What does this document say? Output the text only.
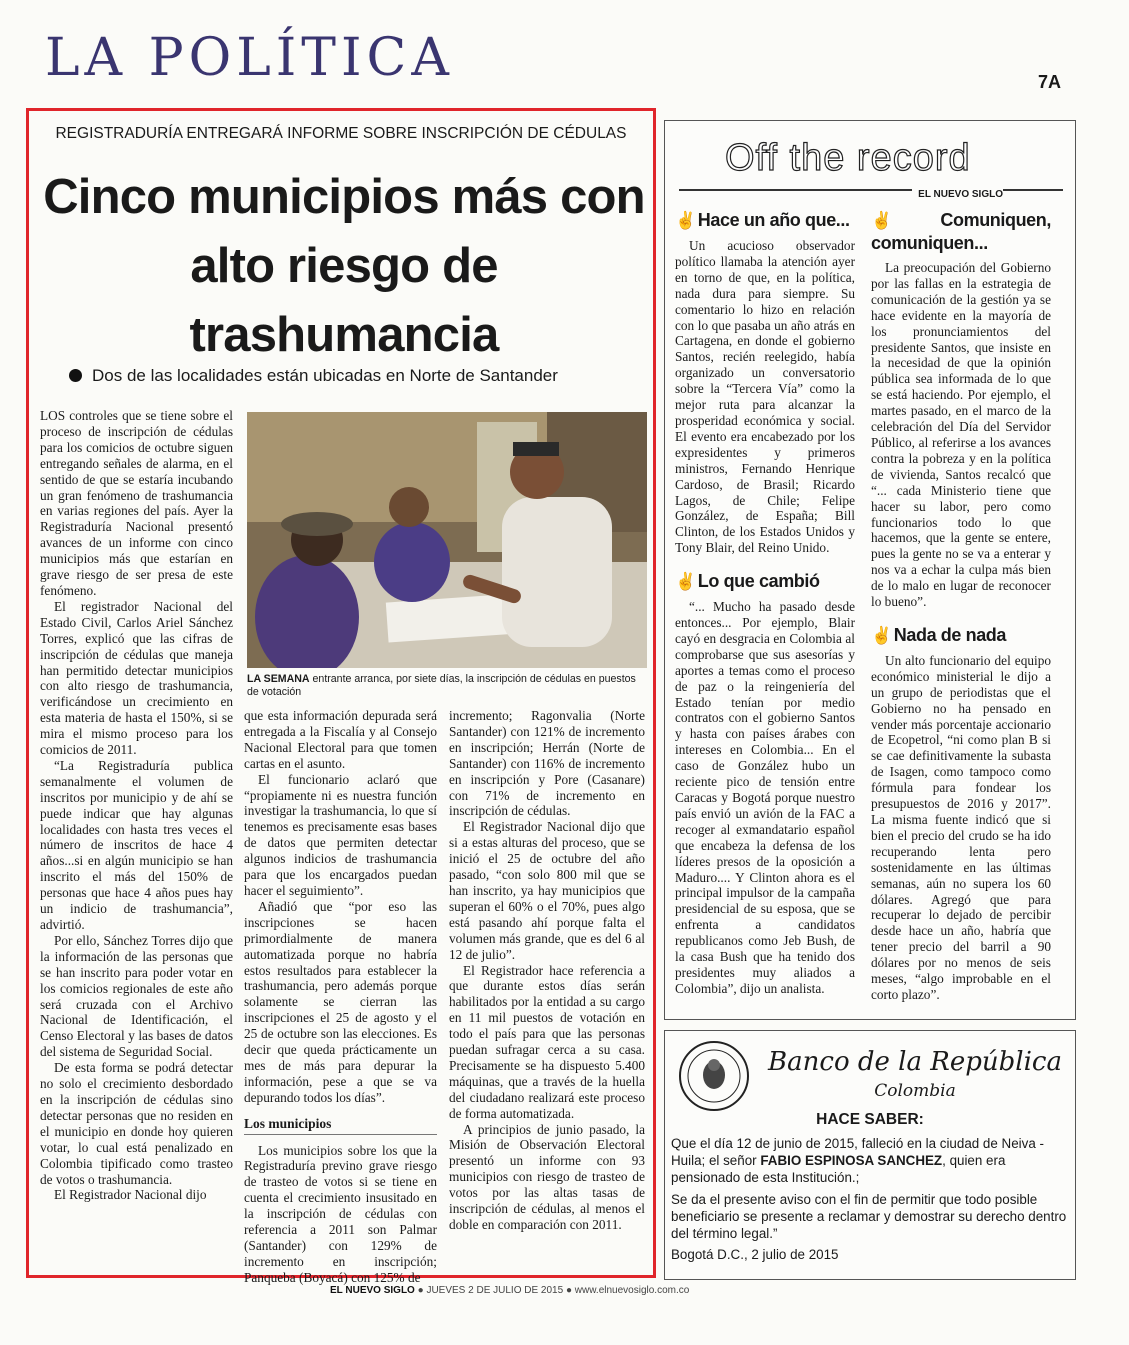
LA POLÍTICA	7A
REGISTRADURÍA ENTREGARÁ INFORME SOBRE INSCRIPCIÓN DE CÉDULAS
Cinco municipios más con alto riesgo de trashumancia
Dos de las localidades están ubicadas en Norte de Santander

LOS controles que se tiene sobre el proceso de inscripción de cédulas para los comicios de octubre siguen entregando señales de alarma, en el sentido de que se estaría incubando un gran fenómeno de trashumancia en varias regiones del país. Ayer la Registraduría Nacional presentó avances de un informe con cinco municipios más que estarían en grave riesgo de ser presa de este fenómeno.

El registrador Nacional del Estado Civil, Carlos Ariel Sánchez Torres, explicó que las cifras de inscripción de cédulas que maneja han permitido detectar municipios con alto riesgo de trashumancia, verificándose un crecimiento en esta materia de hasta el 150%, si se mira el mismo proceso para los comicios de 2011.

“La Registraduría publica semanalmente el volumen de inscritos por municipio y de ahí se puede indicar que hay algunas localidades con hasta tres veces el número de inscritos de hace 4 años...si en algún municipio se han inscrito el más del 150% de personas que hace 4 años pues hay un indicio de trashumancia”, advirtió.

Por ello, Sánchez Torres dijo que la información de las personas que se han inscrito para poder votar en los comicios regionales de este año será cruzada con el Archivo Nacional de Identificación, el Censo Electoral y las bases de datos del sistema de Seguridad Social.

De esta forma se podrá detectar no solo el crecimiento desbordado en la inscripción de cédulas sino detectar personas que no residen en el municipio en donde hoy quieren votar, lo cual está penalizado en Colombia tipificado como trasteo de votos o trashumancia.

El Registrador Nacional dijo

LA SEMANA entrante arranca, por siete días, la inscripción de cédulas en puestos de votación

que esta información depurada será entregada a la Fiscalía y al Consejo Nacional Electoral para que tomen cartas en el asunto.

El funcionario aclaró que “propiamente ni es nuestra función investigar la trashumancia, lo que sí tenemos es precisamente esas bases de datos que permiten detectar algunos indicios de trashumancia para que los encargados puedan hacer el seguimiento”.

Añadió que “por eso las inscripciones se hacen primordialmente de manera automatizada porque no habría estos resultados para establecer la trashumancia, pero además porque solamente se cierran las inscripciones el 25 de agosto y el 25 de octubre son las elecciones. Es decir que queda prácticamente un mes de más para depurar la información, pese a que se va depurando todos los días”.

Los municipios

Los municipios sobre los que la Registraduría previno grave riesgo de trasteo de votos si se tiene en cuenta el crecimiento insusitado en la inscripción de cédulas con referencia a 2011 son Palmar (Santander) con 129% de incremento en inscripción; Panqueba (Boyacá) con 125% de

incremento; Ragonvalia (Norte Santander) con 121% de incremento en inscripción; Herrán (Norte de Santander) con 116% de incremento en inscripción y Pore (Casanare) con 71% de incremento en inscripción de cédulas.

El Registrador Nacional dijo que si a estas alturas del proceso, que se inició el 25 de octubre del año pasado, “con solo 800 mil que se han inscrito, ya hay municipios que superan el 60% o el 70%, pues algo está pasando ahí porque falta el volumen más grande, que es del 6 al 12 de julio”.

El Registrador hace referencia a que durante estos días serán habilitados por la entidad a su cargo en 11 mil puestos de votación en todo el país para que las personas puedan sufragar cerca a su casa. Precisamente se ha dispuesto 5.400 máquinas, que a través de la huella del ciudadano realizará este proceso de forma automatizada.

A principios de junio pasado, la Misión de Observación Electoral presentó un informe con 93 municipios con riesgo de trasteo de votos por las altas tasas de inscripción de cédulas, al menos el doble en comparación con 2011.

Off the record
EL NUEVO SIGLO
✌ Hace un año que...

Un acucioso observador político llamaba la atención ayer en torno de que, en la política, nada dura para siempre. Su comentario lo hizo en relación con lo que pasaba un año atrás en Cartagena, en donde el gobierno Santos, recién reelegido, había organizado un conversatorio sobre la “Tercera Vía” como la mejor ruta para alcanzar la prosperidad económica y social. El evento era encabezado por los expresidentes y primeros ministros, Fernando Henrique Cardoso, de Brasil; Ricardo Lagos, de Chile; Felipe González, de España; Bill Clinton, de los Estados Unidos y Tony Blair, del Reino Unido.

✌ Lo que cambió

“... Mucho ha pasado desde entonces... Por ejemplo, Blair cayó en desgracia en Colombia al comprobarse que sus asesorías y aportes a temas como el proceso de paz o la reingeniería del Estado tenían por medio contratos con el gobierno Santos y hasta con países árabes con intereses en Colombia... En el caso de González hubo un reciente pico de tensión entre Caracas y Bogotá porque nuestro país envió un avión de la FAC a recoger al exmandatario español que encabeza la defensa de los líderes presos de la oposición a Maduro.... Y Clinton ahora es el principal impulsor de la campaña presidencial de su esposa, que se enfrenta a candidatos republicanos como Jeb Bush, de la casa Bush que ha tenido dos presidentes muy aliados a Colombia”, dijo un analista.

✌ Comuniquen, comuniquen...

La preocupación del Gobierno por las fallas en la estrategia de comunicación de la gestión ya se hace evidente en la mayoría de los pronunciamientos del presidente Santos, que insiste en la necesidad de que la opinión pública sea informada de lo que se está haciendo. Por ejemplo, el martes pasado, en el marco de la celebración del Día del Servidor Público, al referirse a los avances contra la pobreza y en la política de vivienda, Santos recalcó que “... cada Ministerio tiene que hacer su labor, pero como funcionarios todo lo que hacemos, que la gente se entere, pues la gente no se va a enterar y nos va a echar la culpa más bien de lo malo en lugar de reconocer lo bueno”.

✌ Nada de nada

Un alto funcionario del equipo económico ministerial le dijo a un grupo de periodistas que el Gobierno no ha pensado en vender más porcentaje accionario de Ecopetrol, “ni como plan B si se cae definitivamente la subasta de Isagen, como tampoco como fórmula para fondear los presupuestos de 2016 y 2017”. La misma fuente indicó que si bien el precio del crudo se ha ido recuperando lenta pero sostenidamente en las últimas semanas, aún no supera los 60 dólares. Agregó que para recuperar lo dejado de percibir desde hace un año, habría que tener precio del barril a 90 dólares por no menos de seis meses, “algo improbable en el corto plazo”.

Banco de la República
Colombia
HACE SABER:
Que el día 12 de junio de 2015, falleció en la ciudad de Neiva - Huila; el señor FABIO ESPINOSA SANCHEZ, quien era pensionado de esta Institución.;
Se da el presente aviso con el fin de permitir que todo posible beneficiario se presente a reclamar y demostrar su derecho dentro del término legal.”
Bogotá D.C., 2 julio de 2015
EL NUEVO SIGLO ● JUEVES 2 DE JULIO DE 2015 ● www.elnuevosiglo.com.co
